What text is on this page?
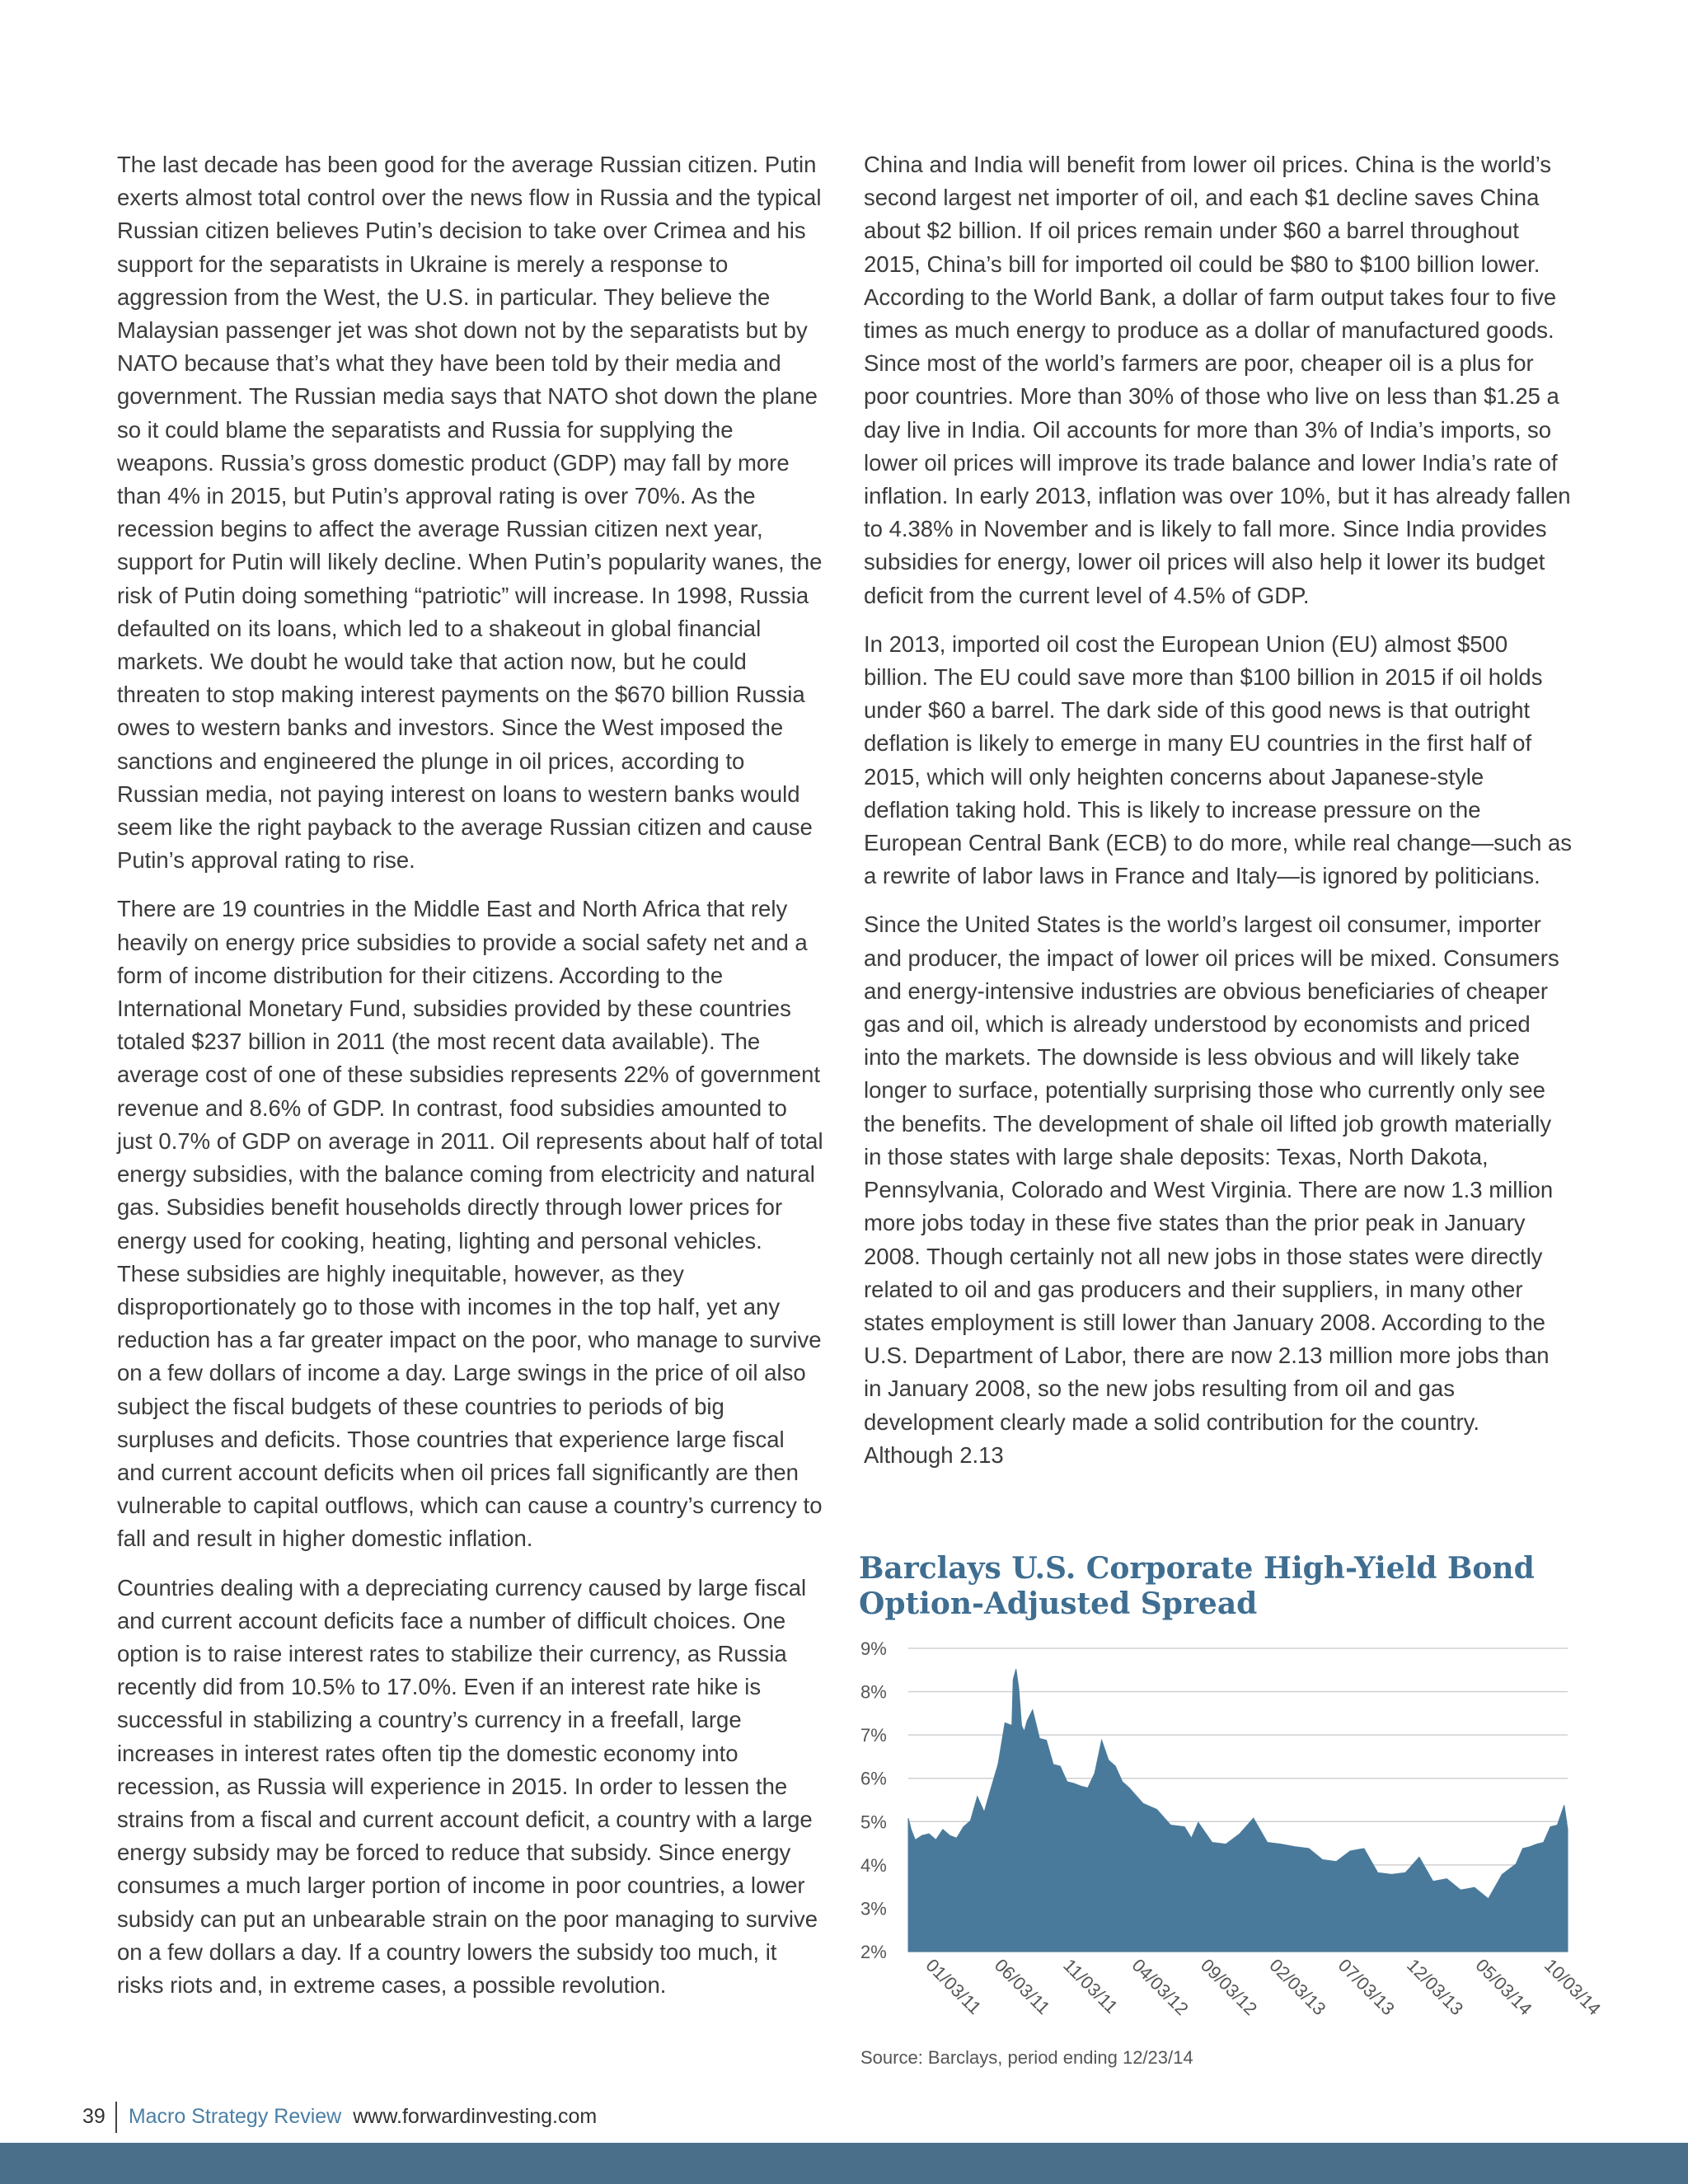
The last decade has been good for the average Russian citizen. Putin exerts almost total control over the news flow in Russia and the typical Russian citizen believes Putin’s decision to take over Crimea and his support for the separatists in Ukraine is merely a response to aggression from the West, the U.S. in particular. They believe the Malaysian passenger jet was shot down not by the separatists but by NATO because that’s what they have been told by their media and government. The Russian media says that NATO shot down the plane so it could blame the separatists and Russia for supplying the weapons. Russia’s gross domestic product (GDP) may fall by more than 4% in 2015, but Putin’s approval rating is over 70%. As the recession begins to affect the average Russian citizen next year, support for Putin will likely decline. When Putin’s popularity wanes, the risk of Putin doing something “patriotic” will increase. In 1998, Russia defaulted on its loans, which led to a shakeout in global financial markets. We doubt he would take that action now, but he could threaten to stop making interest payments on the $670 billion Russia owes to western banks and investors. Since the West imposed the sanctions and engineered the plunge in oil prices, according to Russian media, not paying interest on loans to western banks would seem like the right payback to the average Russian citizen and cause Putin’s approval rating to rise.

There are 19 countries in the Middle East and North Africa that rely heavily on energy price subsidies to provide a social safety net and a form of income distribution for their citizens. According to the International Monetary Fund, subsidies provided by these countries totaled $237 billion in 2011 (the most recent data available). The average cost of one of these subsidies represents 22% of government revenue and 8.6% of GDP. In contrast, food subsidies amounted to just 0.7% of GDP on average in 2011. Oil represents about half of total energy subsidies, with the balance coming from electricity and natural gas. Subsidies benefit households directly through lower prices for energy used for cooking, heating, lighting and personal vehicles. These subsidies are highly inequitable, however, as they disproportionately go to those with incomes in the top half, yet any reduction has a far greater impact on the poor, who manage to survive on a few dollars of income a day. Large swings in the price of oil also subject the fiscal budgets of these countries to periods of big surpluses and deficits. Those countries that experience large fiscal and current account deficits when oil prices fall significantly are then vulnerable to capital outflows, which can cause a country’s currency to fall and result in higher domestic inflation.

Countries dealing with a depreciating currency caused by large fiscal and current account deficits face a number of difficult choices. One option is to raise interest rates to stabilize their currency, as Russia recently did from 10.5% to 17.0%. Even if an interest rate hike is successful in stabilizing a country’s currency in a freefall, large increases in interest rates often tip the domestic economy into recession, as Russia will experience in 2015. In order to lessen the strains from a fiscal and current account deficit, a country with a large energy subsidy may be forced to reduce that subsidy. Since energy consumes a much larger portion of income in poor countries, a lower subsidy can put an unbearable strain on the poor managing to survive on a few dollars a day. If a country lowers the subsidy too much, it risks riots and, in extreme cases, a possible revolution.

China and India will benefit from lower oil prices. China is the world’s second largest net importer of oil, and each $1 decline saves China about $2 billion. If oil prices remain under $60 a barrel throughout 2015, China’s bill for imported oil could be $80 to $100 billion lower. According to the World Bank, a dollar of farm output takes four to five times as much energy to produce as a dollar of manufactured goods. Since most of the world’s farmers are poor, cheaper oil is a plus for poor countries. More than 30% of those who live on less than $1.25 a day live in India. Oil accounts for more than 3% of India’s imports, so lower oil prices will improve its trade balance and lower India’s rate of inflation. In early 2013, inflation was over 10%, but it has already fallen to 4.38% in November and is likely to fall more. Since India provides subsidies for energy, lower oil prices will also help it lower its budget deficit from the current level of 4.5% of GDP.

In 2013, imported oil cost the European Union (EU) almost $500 billion. The EU could save more than $100 billion in 2015 if oil holds under $60 a barrel. The dark side of this good news is that outright deflation is likely to emerge in many EU countries in the first half of 2015, which will only heighten concerns about Japanese-style deflation taking hold. This is likely to increase pressure on the European Central Bank (ECB) to do more, while real change—such as a rewrite of labor laws in France and Italy—is ignored by politicians.

Since the United States is the world’s largest oil consumer, importer and producer, the impact of lower oil prices will be mixed. Consumers and energy-intensive industries are obvious beneficiaries of cheaper gas and oil, which is already understood by economists and priced into the markets. The downside is less obvious and will likely take longer to surface, potentially surprising those who currently only see the benefits. The development of shale oil lifted job growth materially in those states with large shale deposits: Texas, North Dakota, Pennsylvania, Colorado and West Virginia. There are now 1.3 million more jobs today in these five states than the prior peak in January 2008. Though certainly not all new jobs in those states were directly related to oil and gas producers and their suppliers, in many other states employment is still lower than January 2008. According to the U.S. Department of Labor, there are now 2.13 million more jobs than in January 2008, so the new jobs resulting from oil and gas development clearly made a solid contribution for the country. Although 2.13

Barclays U.S. Corporate High-Yield Bond Option-Adjusted Spread
9%
8%
7%
6%
5%
4%
3%
2%
01/03/11 06/03/11 11/03/11 04/03/12 09/03/12 02/03/13 07/03/13 12/03/13 05/03/14 10/03/14
Source: Barclays, period ending 12/23/14
39 Macro Strategy Review www.forwardinvesting.com
